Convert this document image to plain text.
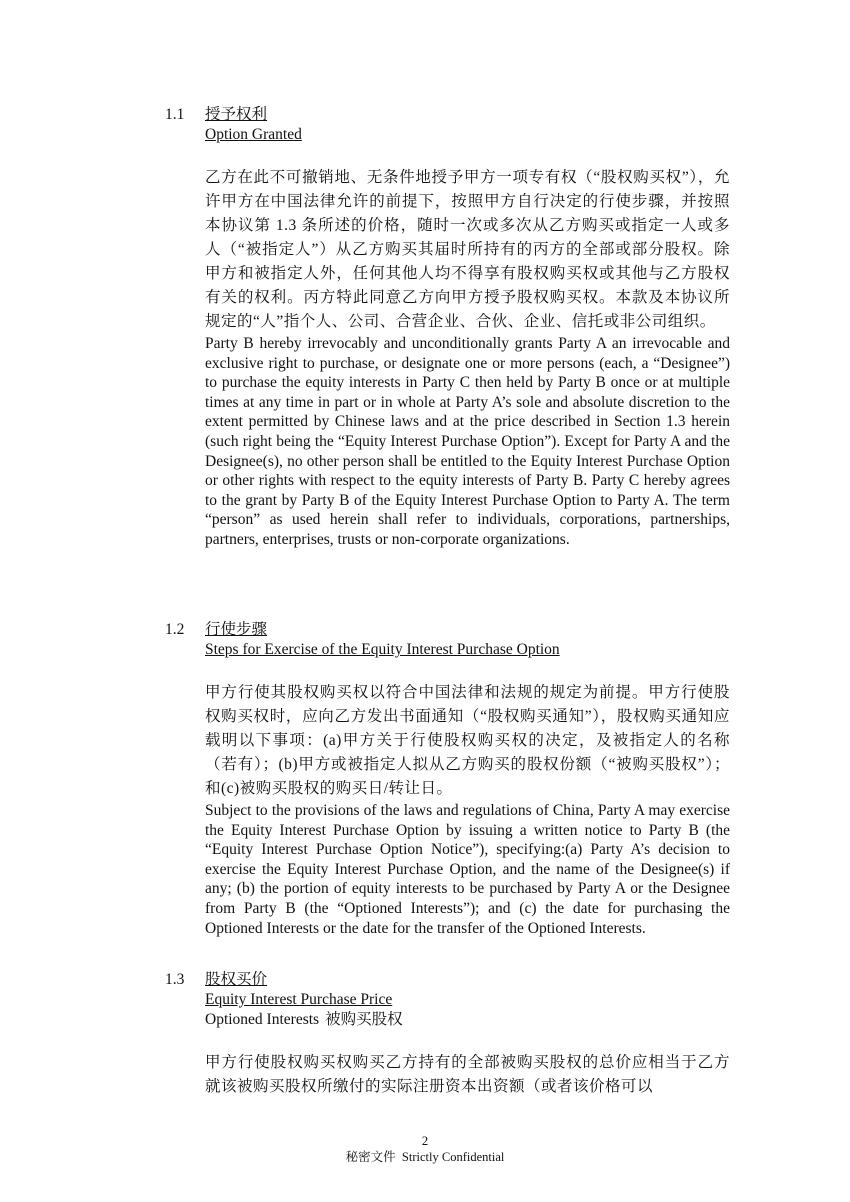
1.1 授予权利
Option Granted

乙方在此不可撤销地、无条件地授予甲方一项专有权（“股权购买权”），允许甲方在中国法律允许的前提下，按照甲方自行决定的行使步骤，并按照本协议第 1.3 条所述的价格，随时一次或多次从乙方购买或指定一人或多人（“被指定人”）从乙方购买其届时所持有的丙方的全部或部分股权。除甲方和被指定人外，任何其他人均不得享有股权购买权或其他与乙方股权有关的权利。丙方特此同意乙方向甲方授予股权购买权。本款及本协议所规定的“人”指个人、公司、合营企业、合伙、企业、信托或非公司组织。

Party B hereby irrevocably and unconditionally grants Party A an irrevocable and exclusive right to purchase, or designate one or more persons (each, a “Designee”) to purchase the equity interests in Party C then held by Party B once or at multiple times at any time in part or in whole at Party A’s sole and absolute discretion to the extent permitted by Chinese laws and at the price described in Section 1.3 herein (such right being the “Equity Interest Purchase Option”). Except for Party A and the Designee(s), no other person shall be entitled to the Equity Interest Purchase Option or other rights with respect to the equity interests of Party B. Party C hereby agrees to the grant by Party B of the Equity Interest Purchase Option to Party A. The term “person” as used herein shall refer to individuals, corporations, partnerships, partners, enterprises, trusts or non-corporate organizations.

1.2 行使步骤
Steps for Exercise of the Equity Interest Purchase Option

甲方行使其股权购买权以符合中国法律和法规的规定为前提。甲方行使股权购买权时，应向乙方发出书面通知（“股权购买通知”），股权购买通知应载明以下事项：(a)甲方关于行使股权购买权的决定，及被指定人的名称（若有）；(b)甲方或被指定人拟从乙方购买的股权份额（“被购买股权”）；和(c)被购买股权的购买日/转让日。

Subject to the provisions of the laws and regulations of China, Party A may exercise the Equity Interest Purchase Option by issuing a written notice to Party B (the “Equity Interest Purchase Option Notice”), specifying:(a) Party A’s decision to exercise the Equity Interest Purchase Option, and the name of the Designee(s) if any; (b) the portion of equity interests to be purchased by Party A or the Designee from Party B (the “Optioned Interests”); and (c) the date for purchasing the Optioned Interests or the date for the transfer of the Optioned Interests.

1.3 股权买价
Equity Interest Purchase Price
Optioned Interests 被购买股权

甲方行使股权购买权购买乙方持有的全部被购买股权的总价应相当于乙方就该被购买股权所缴付的实际注册资本出资额（或者该价格可以

2
秘密文件 Strictly Confidential
